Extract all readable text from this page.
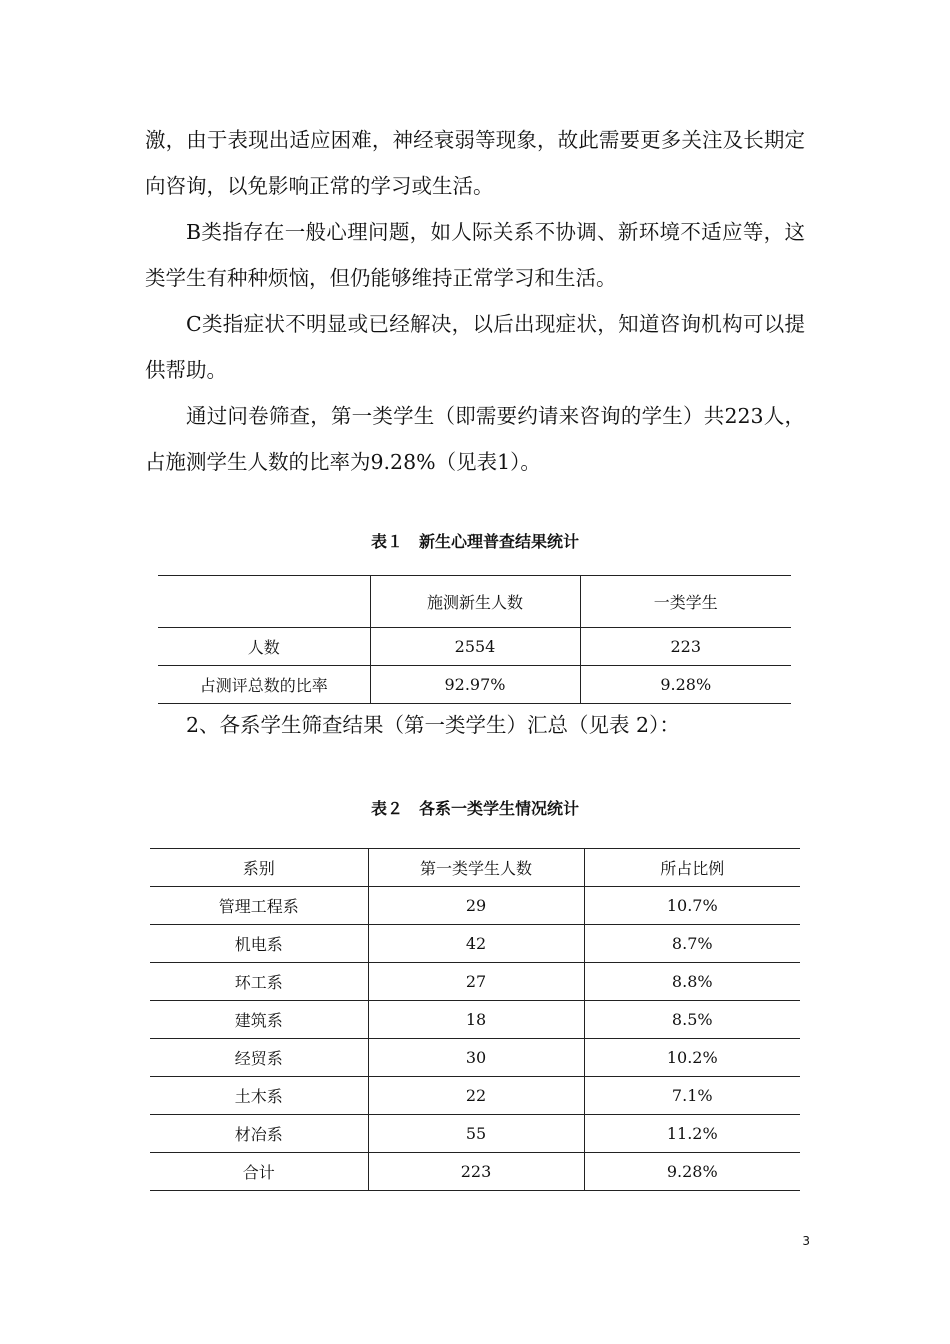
激，由于表现出适应困难，神经衰弱等现象，故此需要更多关注及长期定向咨询，以免影响正常的学习或生活。

B类指存在一般心理问题，如人际关系不协调、新环境不适应等，这类学生有种种烦恼，但仍能够维持正常学习和生活。

C类指症状不明显或已经解决，以后出现症状，知道咨询机构可以提供帮助。

通过问卷筛查，第一类学生（即需要约请来咨询的学生）共223人，占施测学生人数的比率为9.28%（见表1）。

表１　新生心理普查结果统计

	施测新生人数	一类学生
人数	2554	223
占测评总数的比率	92.97%	9.28%

2、各系学生筛查结果（第一类学生）汇总（见表 2）：

表２　各系一类学生情况统计

系别	第一类学生人数	所占比例
管理工程系	29	10.7%
机电系	42	8.7%
环工系	27	8.8%
建筑系	18	8.5%
经贸系	30	10.2%
土木系	22	7.1%
材冶系	55	11.2%
合计	223	9.28%
3
